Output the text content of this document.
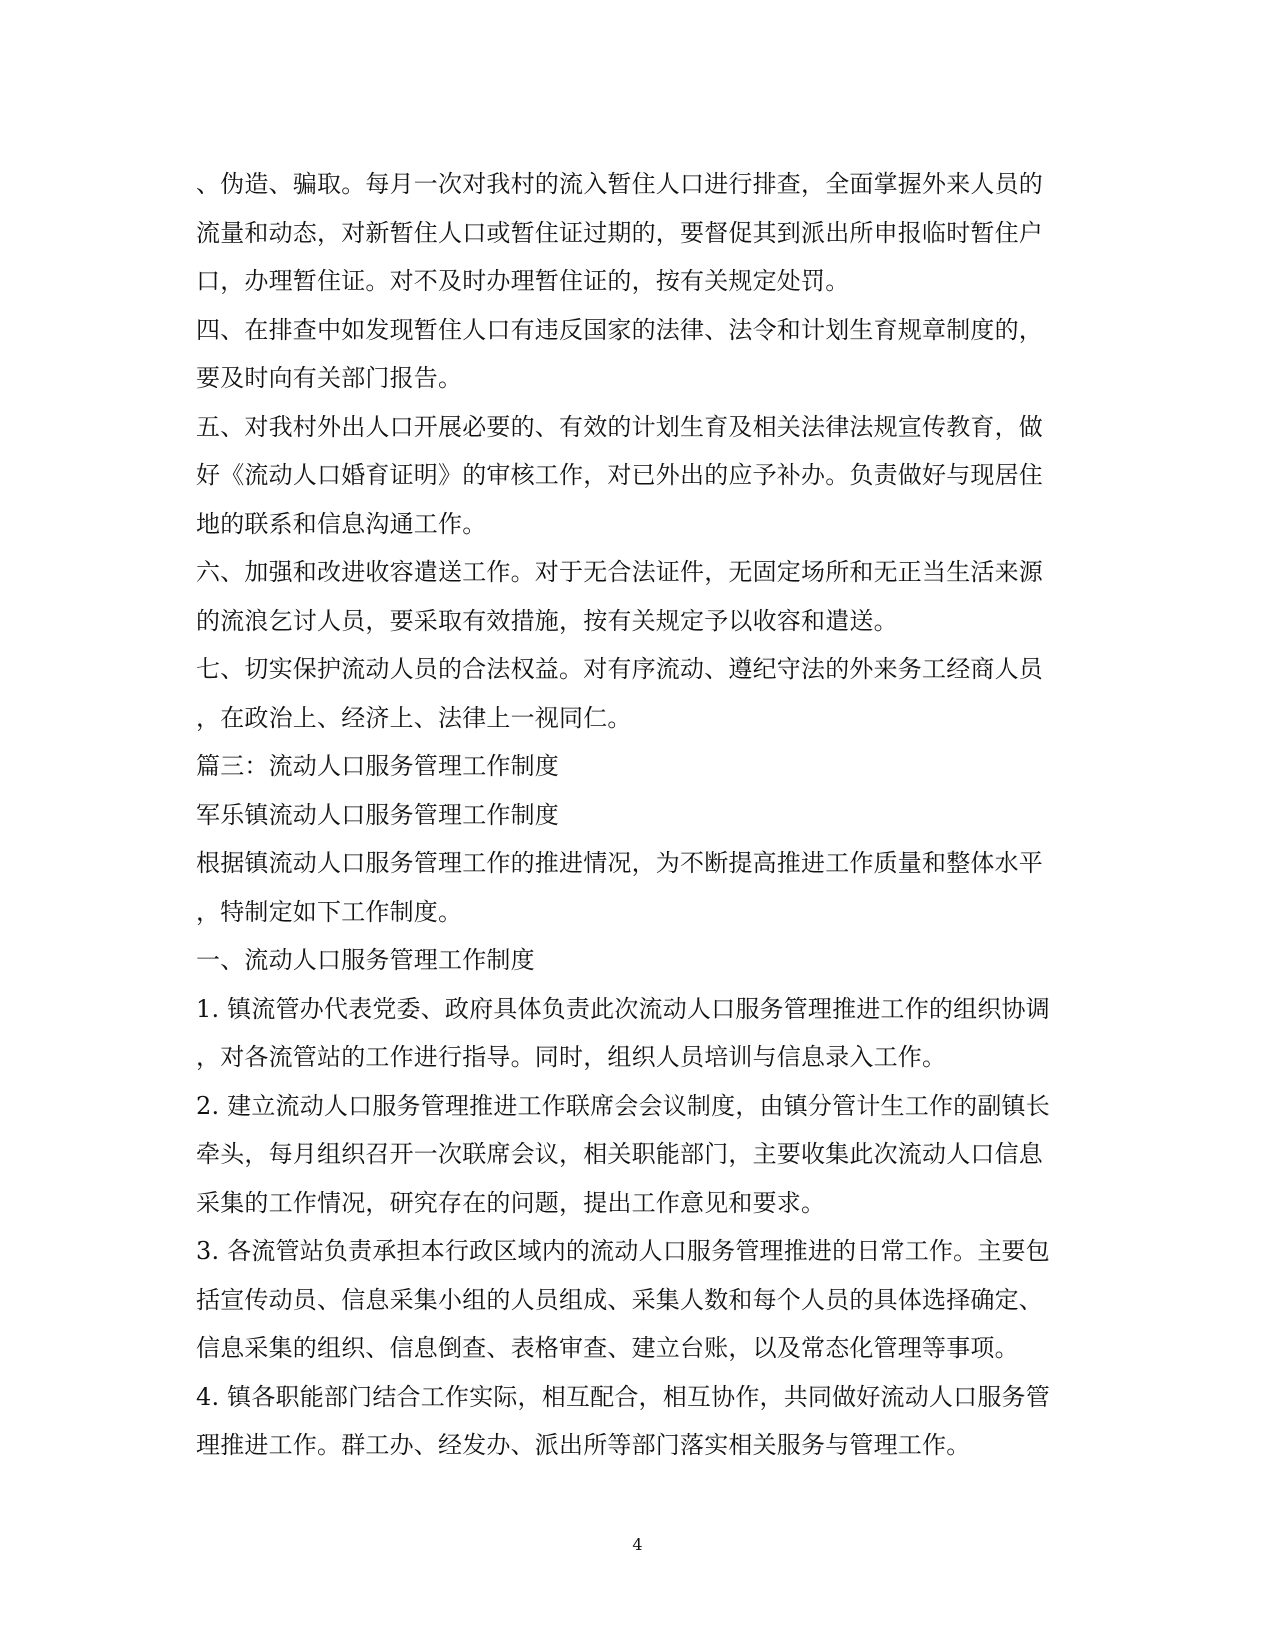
、伪造、骗取。每月一次对我村的流入暂住人口进行排查，全面掌握外来人员的
流量和动态，对新暂住人口或暂住证过期的，要督促其到派出所申报临时暂住户
口，办理暂住证。对不及时办理暂住证的，按有关规定处罚。
四、在排查中如发现暂住人口有违反国家的法律、法令和计划生育规章制度的，
要及时向有关部门报告。
五、对我村外出人口开展必要的、有效的计划生育及相关法律法规宣传教育，做
好《流动人口婚育证明》的审核工作，对已外出的应予补办。负责做好与现居住
地的联系和信息沟通工作。
六、加强和改进收容遣送工作。对于无合法证件，无固定场所和无正当生活来源
的流浪乞讨人员，要采取有效措施，按有关规定予以收容和遣送。
七、切实保护流动人员的合法权益。对有序流动、遵纪守法的外来务工经商人员
，在政治上、经济上、法律上一视同仁。
篇三：流动人口服务管理工作制度
军乐镇流动人口服务管理工作制度
根据镇流动人口服务管理工作的推进情况，为不断提高推进工作质量和整体水平
，特制定如下工作制度。
一、流动人口服务管理工作制度
1. 镇流管办代表党委、政府具体负责此次流动人口服务管理推进工作的组织协调
，对各流管站的工作进行指导。同时，组织人员培训与信息录入工作。
2. 建立流动人口服务管理推进工作联席会会议制度，由镇分管计生工作的副镇长
牵头，每月组织召开一次联席会议，相关职能部门，主要收集此次流动人口信息
采集的工作情况，研究存在的问题，提出工作意见和要求。
3. 各流管站负责承担本行政区域内的流动人口服务管理推进的日常工作。主要包
括宣传动员、信息采集小组的人员组成、采集人数和每个人员的具体选择确定、
信息采集的组织、信息倒查、表格审查、建立台账，以及常态化管理等事项。
4. 镇各职能部门结合工作实际，相互配合，相互协作，共同做好流动人口服务管
理推进工作。群工办、经发办、派出所等部门落实相关服务与管理工作。
4
